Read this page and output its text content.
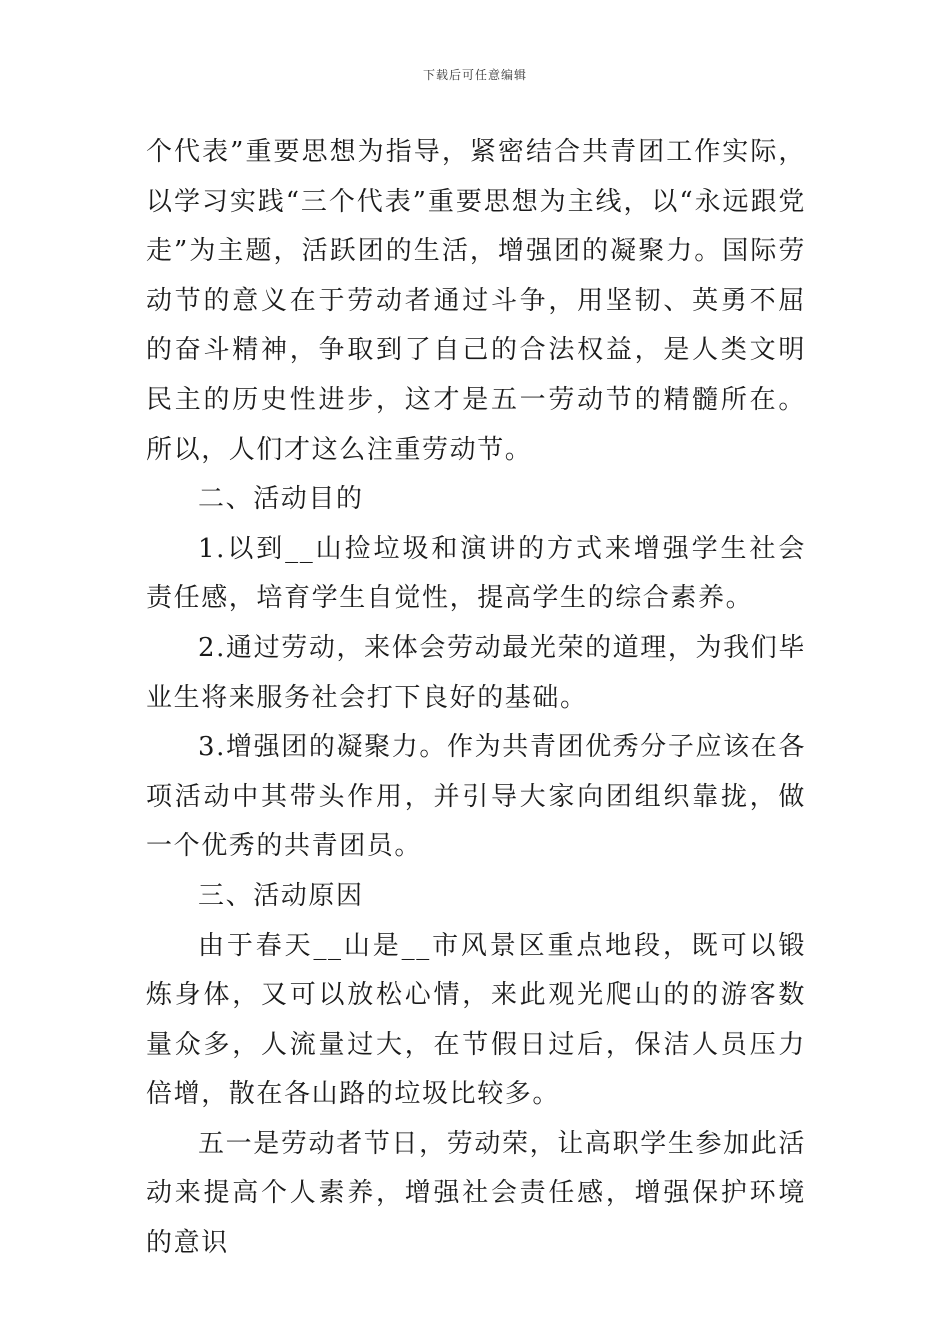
下载后可任意编辑

个代表”重要思想为指导，紧密结合共青团工作实际，以学习实践“三个代表”重要思想为主线，以“永远跟党走”为主题，活跃团的生活，增强团的凝聚力。国际劳动节的意义在于劳动者通过斗争，用坚韧、英勇不屈的奋斗精神，争取到了自己的合法权益，是人类文明民主的历史性进步，这才是五一劳动节的精髓所在。所以，人们才这么注重劳动节。

二、活动目的

1.以到__山捡垃圾和演讲的方式来增强学生社会责任感，培育学生自觉性，提高学生的综合素养。

2.通过劳动，来体会劳动最光荣的道理，为我们毕业生将来服务社会打下良好的基础。

3.增强团的凝聚力。作为共青团优秀分子应该在各项活动中其带头作用，并引导大家向团组织靠拢，做一个优秀的共青团员。

三、活动原因

由于春天__山是__市风景区重点地段，既可以锻炼身体，又可以放松心情，来此观光爬山的的游客数量众多，人流量过大，在节假日过后，保洁人员压力倍增，散在各山路的垃圾比较多。

五一是劳动者节日，劳动荣，让高职学生参加此活动来提高个人素养，增强社会责任感，增强保护环境的意识
